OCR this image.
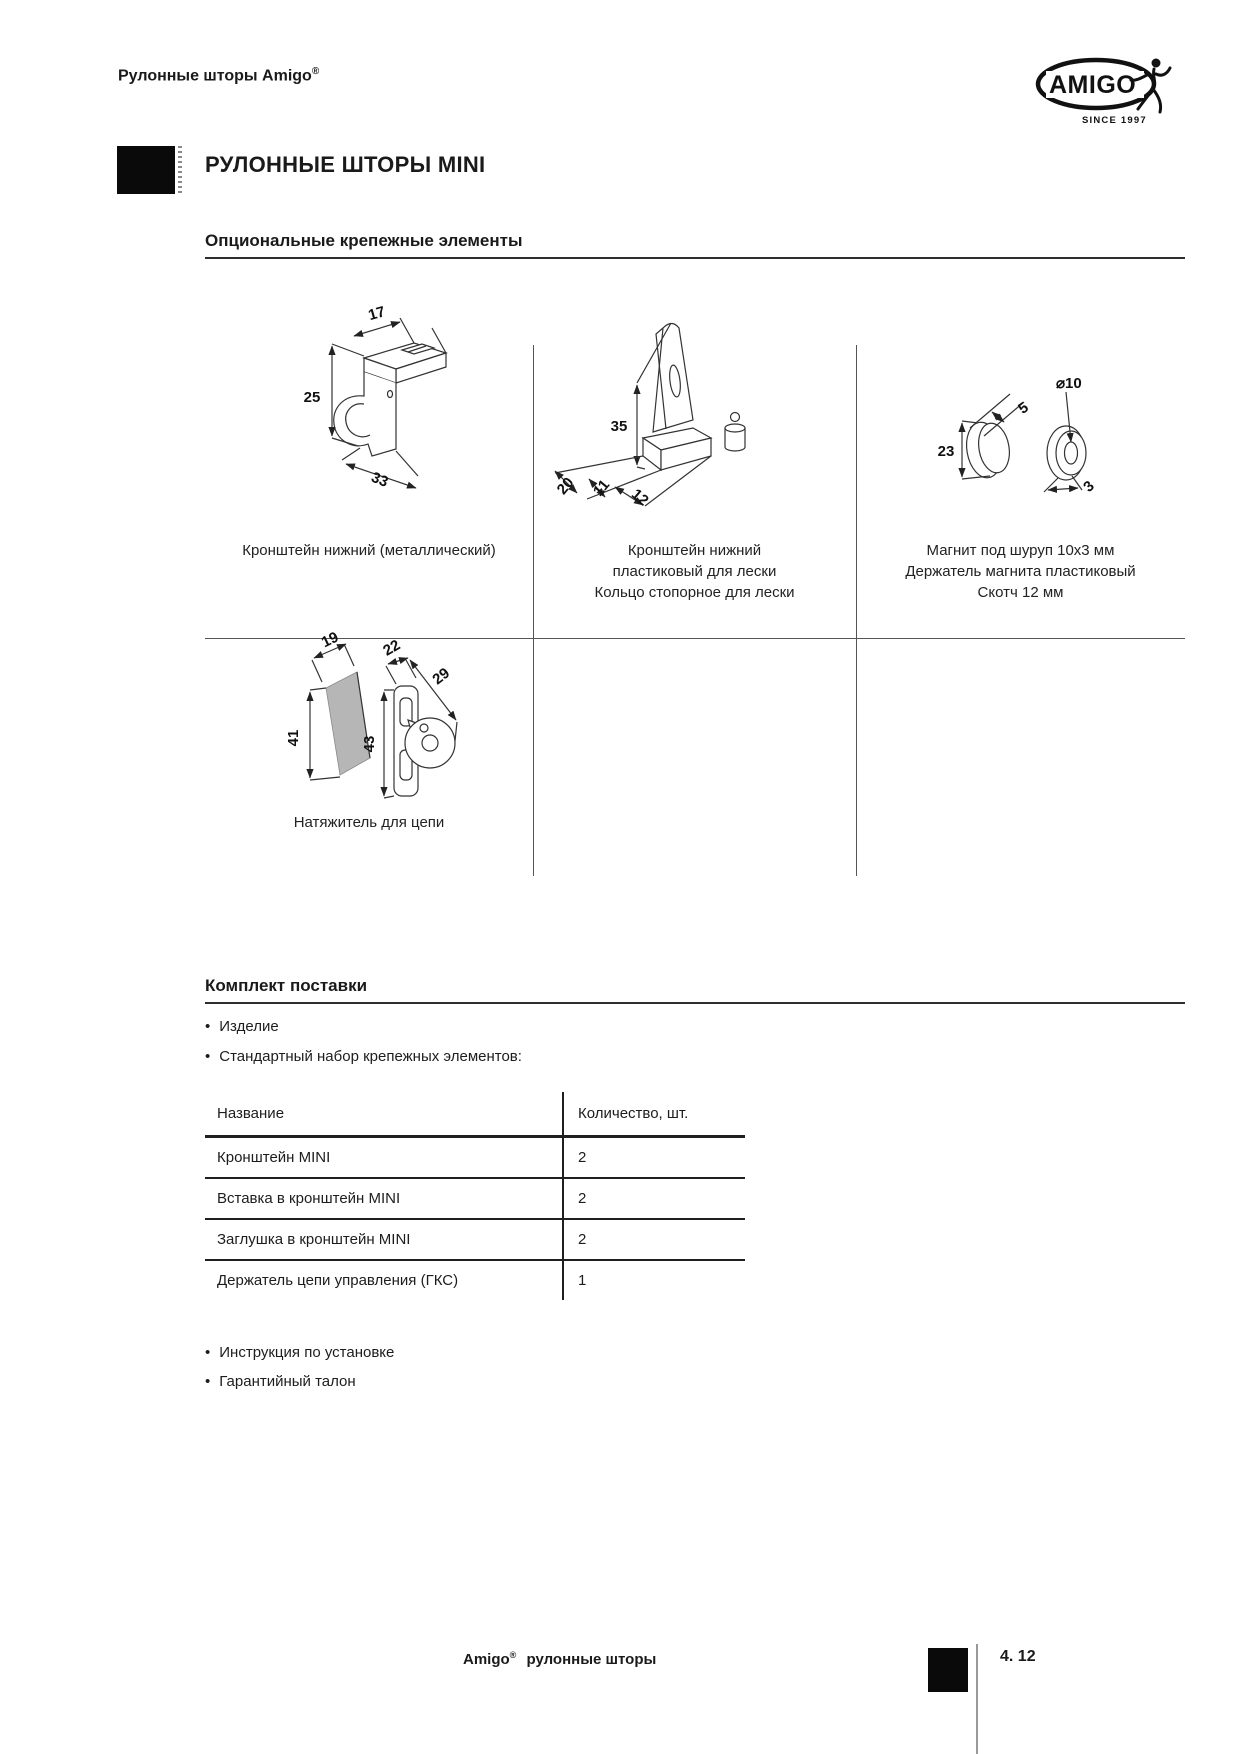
Рулонные шторы Amigo®	AMIGO
SINCE 1997
РУЛОННЫЕ ШТОРЫ MINI
Опциональные крепежные элементы
17
25
33
35
20 11 12
23
5
⌀10
3
Кронштейн нижний (металлический)	Кронштейн нижний
пластиковый для лески
Кольцо стопорное для лески
Магнит под шуруп 10х3 мм
Держатель магнита пластиковый
Скотч 12 мм
19
41
22
29
43
Натяжитель для цепи
Комплект поставки
• Изделие
• Стандартный набор крепежных элементов:
Название	Количество, шт.
Кронштейн MINI	2
Вставка в кронштейн MINI	2
Заглушка в кронштейн MINI	2
Держатель цепи управления (ГКС)	1
• Инструкция по установке
• Гарантийный талон
Amigo® рулонные шторы	4. 12
